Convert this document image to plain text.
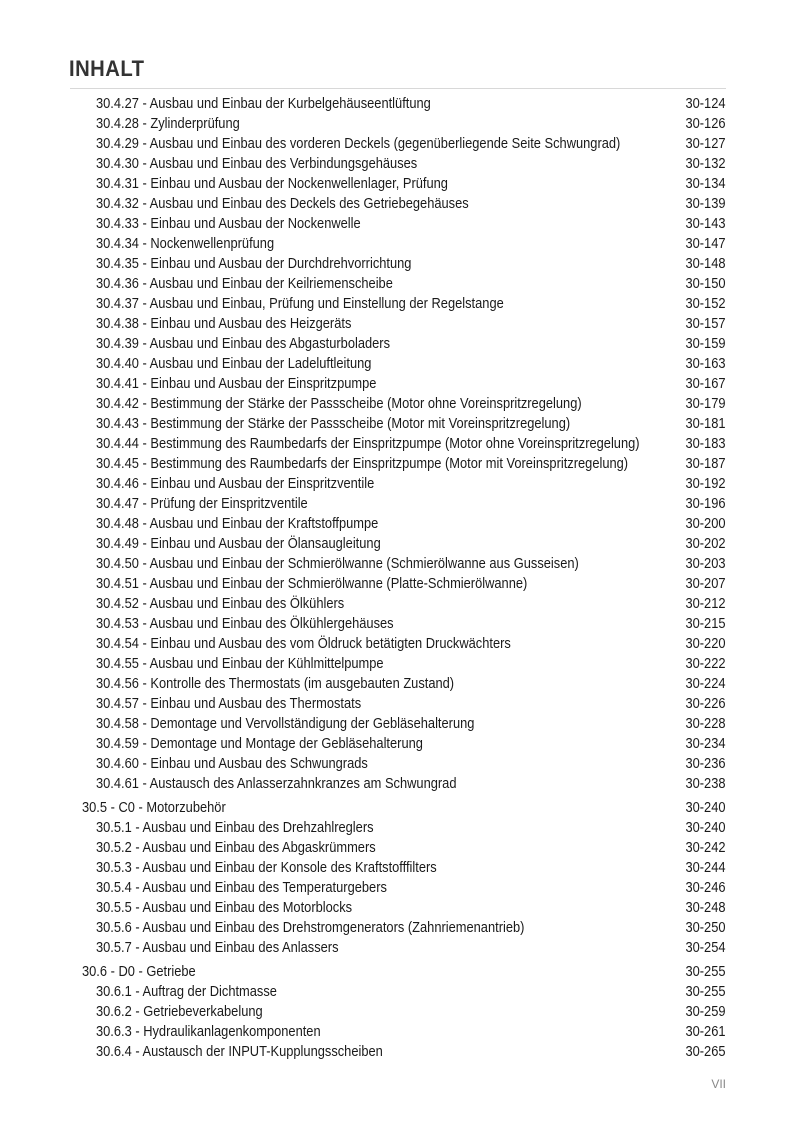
INHALT
30.4.27 - Ausbau und Einbau der Kurbelgehäuseentlüftung	30-124
30.4.28 - Zylinderprüfung	30-126
30.4.29 - Ausbau und Einbau des vorderen Deckels (gegenüberliegende Seite Schwungrad)	30-127
30.4.30 - Ausbau und Einbau des Verbindungsgehäuses	30-132
30.4.31 - Einbau und Ausbau der Nockenwellenlager, Prüfung	30-134
30.4.32 - Ausbau und Einbau des Deckels des Getriebegehäuses	30-139
30.4.33 - Einbau und Ausbau der Nockenwelle	30-143
30.4.34 - Nockenwellenprüfung	30-147
30.4.35 - Einbau und Ausbau der Durchdrehvorrichtung	30-148
30.4.36 - Ausbau und Einbau der Keilriemenscheibe	30-150
30.4.37 - Ausbau und Einbau, Prüfung und Einstellung der Regelstange	30-152
30.4.38 - Einbau und Ausbau des Heizgeräts	30-157
30.4.39 - Ausbau und Einbau des Abgasturboladers	30-159
30.4.40 - Ausbau und Einbau der Ladeluftleitung	30-163
30.4.41 - Einbau und Ausbau der Einspritzpumpe	30-167
30.4.42 - Bestimmung der Stärke der Passscheibe (Motor ohne Voreinspritzregelung)	30-179
30.4.43 - Bestimmung der Stärke der Passscheibe (Motor mit Voreinspritzregelung)	30-181
30.4.44 - Bestimmung des Raumbedarfs der Einspritzpumpe (Motor ohne Voreinspritzregelung)	30-183
30.4.45 - Bestimmung des Raumbedarfs der Einspritzpumpe (Motor mit Voreinspritzregelung)	30-187
30.4.46 - Einbau und Ausbau der Einspritzventile	30-192
30.4.47 - Prüfung der Einspritzventile	30-196
30.4.48 - Ausbau und Einbau der Kraftstoffpumpe	30-200
30.4.49 - Einbau und Ausbau der Ölansaugleitung	30-202
30.4.50 - Ausbau und Einbau der Schmierölwanne (Schmierölwanne aus Gusseisen)	30-203
30.4.51 - Ausbau und Einbau der Schmierölwanne (Platte-Schmierölwanne)	30-207
30.4.52 - Ausbau und Einbau des Ölkühlers	30-212
30.4.53 - Ausbau und Einbau des Ölkühlergehäuses	30-215
30.4.54 - Einbau und Ausbau des vom Öldruck betätigten Druckwächters	30-220
30.4.55 - Ausbau und Einbau der Kühlmittelpumpe	30-222
30.4.56 - Kontrolle des Thermostats (im ausgebauten Zustand)	30-224
30.4.57 - Einbau und Ausbau des Thermostats	30-226
30.4.58 - Demontage und Vervollständigung der Gebläsehalterung	30-228
30.4.59 - Demontage und Montage der Gebläsehalterung	30-234
30.4.60 - Einbau und Ausbau des Schwungrads	30-236
30.4.61 - Austausch des Anlasserzahnkranzes am Schwungrad	30-238
30.5 - C0 - Motorzubehör	30-240
30.5.1 - Ausbau und Einbau des Drehzahlreglers	30-240
30.5.2 - Ausbau und Einbau des Abgaskrümmers	30-242
30.5.3 - Ausbau und Einbau der Konsole des Kraftstofffilters	30-244
30.5.4 - Ausbau und Einbau des Temperaturgebers	30-246
30.5.5 - Ausbau und Einbau des Motorblocks	30-248
30.5.6 - Ausbau und Einbau des Drehstromgenerators (Zahnriemenantrieb)	30-250
30.5.7 - Ausbau und Einbau des Anlassers	30-254
30.6 - D0 - Getriebe	30-255
30.6.1 - Auftrag der Dichtmasse	30-255
30.6.2 - Getriebeverkabelung	30-259
30.6.3 - Hydraulikanlagenkomponenten	30-261
30.6.4 - Austausch der INPUT-Kupplungsscheiben	30-265
VII
